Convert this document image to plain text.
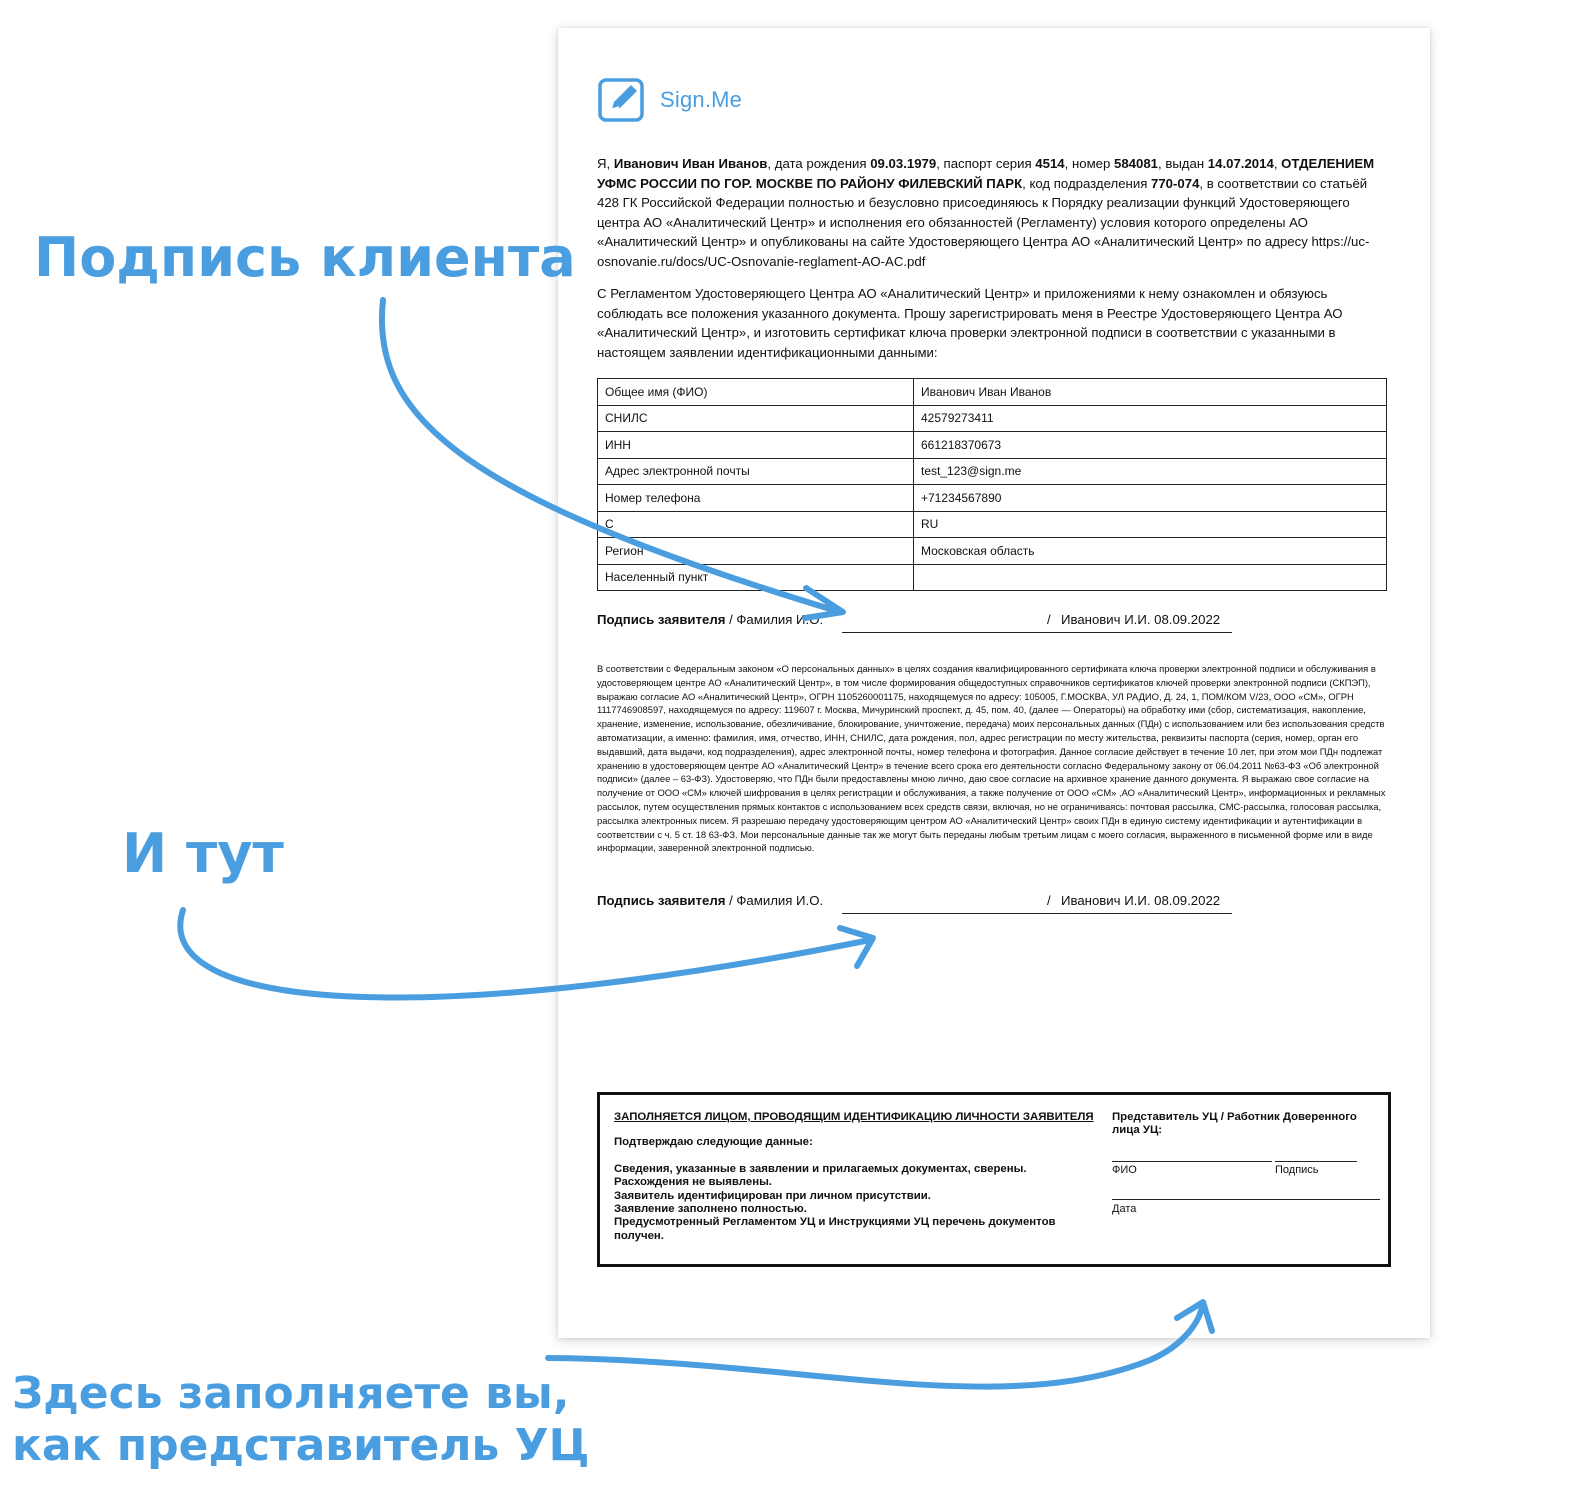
Sign.Me
Я, Иванович Иван Иванов, дата рождения 09.03.1979, паспорт серия 4514, номер 584081, выдан 14.07.2014, ОТДЕЛЕНИЕМ УФМС РОССИИ ПО ГОР. МОСКВЕ ПО РАЙОНУ ФИЛЕВСКИЙ ПАРК, код подразделения 770-074, в соответствии со статьёй 428 ГК Российской Федерации полностью и безусловно присоединяюсь к Порядку реализации функций Удостоверяющего центра АО «Аналитический Центр» и исполнения его обязанностей (Регламенту) условия которого определены АО «Аналитический Центр» и опубликованы на сайте Удостоверяющего Центра АО «Аналитический Центр» по адресу https://uc-osnovanie.ru/docs/UC-Osnovanie-reglament-AO-AC.pdf
С Регламентом Удостоверяющего Центра АО «Аналитический Центр» и приложениями к нему ознакомлен и обязуюсь соблюдать все положения указанного документа. Прошу зарегистрировать меня в Реестре Удостоверяющего Центра АО «Аналитический Центр», и изготовить сертификат ключа проверки электронной подписи в соответствии с указанными в настоящем заявлении идентификационными данными:
Общее имя (ФИО)	Иванович Иван Иванов
СНИЛС	42579273411
ИНН	661218370673
Адрес электронной почты	test_123@sign.me
Номер телефона	+71234567890
С	RU
Регион	Московская область
Населенный пункт	
Подпись заявителя / Фамилия И.О.	/ Иванович И.И. 08.09.2022
В соответствии с Федеральным законом «О персональных данных» в целях создания квалифицированного сертификата ключа проверки электронной подписи и обслуживания в удостоверяющем центре АО «Аналитический Центр», в том числе формирования общедоступных справочников сертификатов ключей проверки электронной подписи (СКПЭП), выражаю согласие АО «Аналитический Центр», ОГРН 1105260001175, находящемуся по адресу: 105005, Г.МОСКВА, УЛ РАДИО, Д. 24, 1, ПОМ/КОМ V/23, ООО «СМ», ОГРН 1117746908597, находящемуся по адресу: 119607 г. Москва, Мичуринский проспект, д. 45, пом. 40, (далее — Операторы) на обработку ими (сбор, систематизация, накопление, хранение, изменение, использование, обезличивание, блокирование, уничтожение, передача) моих персональных данных (ПДн) с использованием или без использования средств автоматизации, а именно: фамилия, имя, отчество, ИНН, СНИЛС, дата рождения, пол, адрес регистрации по месту жительства, реквизиты паспорта (серия, номер, орган его выдавший, дата выдачи, код подразделения), адрес электронной почты, номер телефона и фотография. Данное согласие действует в течение 10 лет, при этом мои ПДн подлежат хранению в удостоверяющем центре АО «Аналитический Центр» в течение всего срока его деятельности согласно Федеральному закону от 06.04.2011 №63-ФЗ «Об электронной подписи» (далее – 63-ФЗ). Удостоверяю, что ПДн были предоставлены мною лично, даю свое согласие на архивное хранение данного документа. Я выражаю свое согласие на получение от ООО «СМ» ключей шифрования в целях регистрации и обслуживания, а также получение от ООО «СМ» ,АО «Аналитический Центр», информационных и рекламных рассылок, путем осуществления прямых контактов с использованием всех средств связи, включая, но не ограничиваясь: почтовая рассылка, СМС-рассылка, голосовая рассылка, рассылка электронных писем. Я разрешаю передачу удостоверяющим центром АО «Аналитический Центр» своих ПДн в единую систему идентификации и аутентификации в соответствии с ч. 5 ст. 18 63-ФЗ. Мои персональные данные так же могут быть переданы любым третьим лицам с моего согласия, выраженного в письменной форме или в виде информации, заверенной электронной подписью.
Подпись заявителя / Фамилия И.О.	/ Иванович И.И. 08.09.2022
ЗАПОЛНЯЕТСЯ ЛИЦОМ, ПРОВОДЯЩИМ ИДЕНТИФИКАЦИЮ ЛИЧНОСТИ ЗАЯВИТЕЛЯ
Подтверждаю следующие данные:
Сведения, указанные в заявлении и прилагаемых документах, сверены.
Расхождения не выявлены.
Заявитель идентифицирован при личном присутствии.
Заявление заполнено полностью.
Предусмотренный Регламентом УЦ и Инструкциями УЦ перечень документов получен.
Представитель УЦ / Работник Доверенного лица УЦ:
ФИО	Подпись
Дата
Подпись клиента
И тут
Здесь заполняете вы,
как представитель УЦ
